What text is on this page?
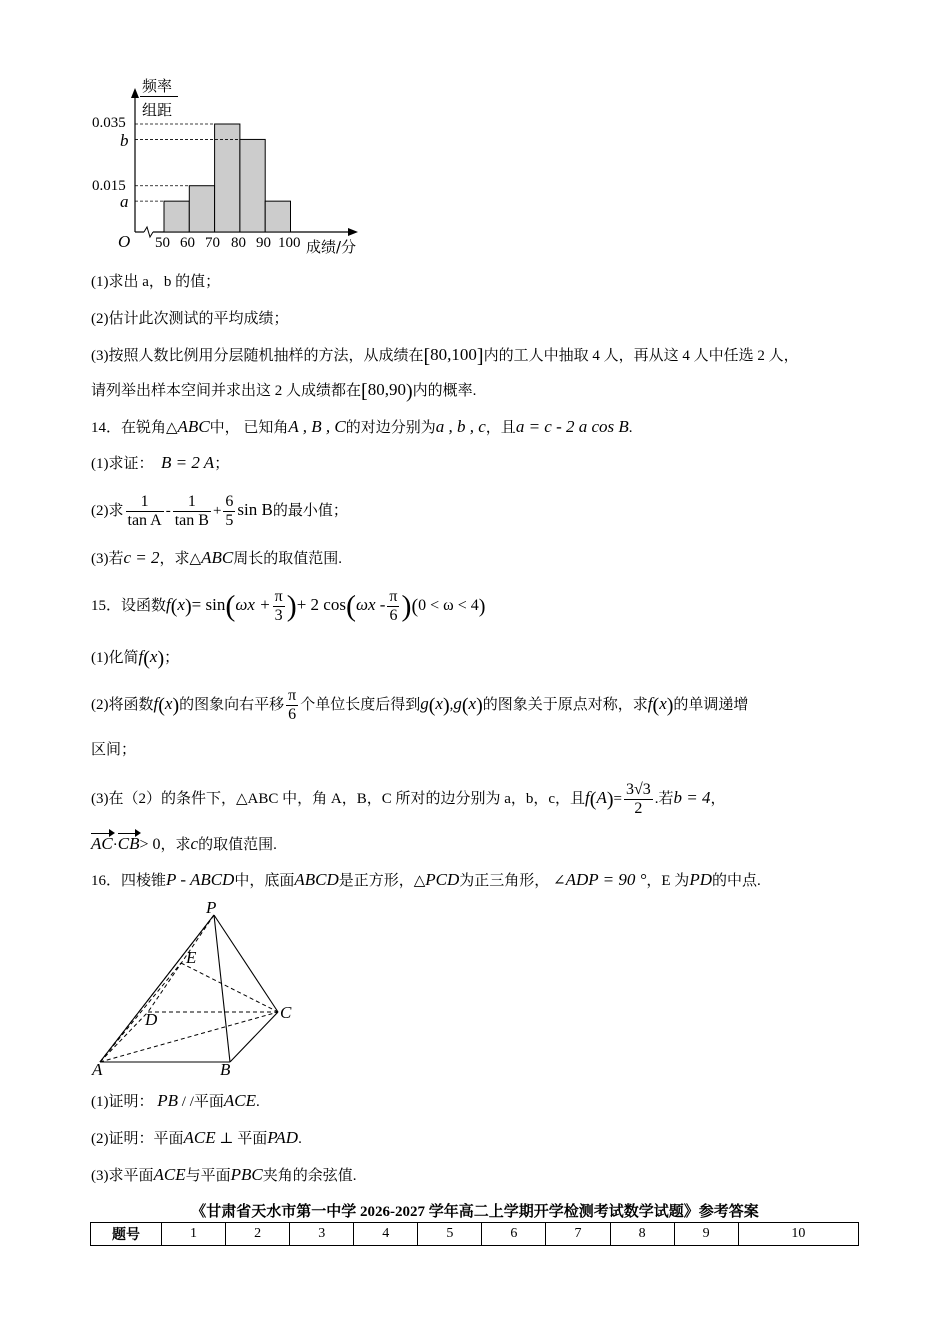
频率
组距
0.035
b
0.015
a
O 50 60 70 80 90 100 成绩/分
(1)求出 a，b 的值；
(2)估计此次测试的平均成绩；
(3)按照人数比例用分层随机抽样的方法，从成绩在[80,100]内的工人中抽取 4 人，再从这 4 人中任选 2 人，
请列举出样本空间并求出这 2 人成绩都在[80,90)内的概率.
14．在锐角△ABC中， 已知角A , B , C的对边分别为a , b , c，且a = c - 2 a cos B.
(1)求证： B = 2 A；
(2)求 $\frac{1}{\text{tan A}} - \frac{1}{\text{tan B}} + \frac{6}{5}$ sin B的最小值；
(3)若c = 2，求△ABC周长的取值范围.
15．设函数$f(x)= \sin(\omega x + \frac{\pi}{3}$ )+ 2 $\cos(\omega x - \frac{\pi}{6} )(0 < \omega < 4)$
(1)化简f(x)；
(2)将函数f(x)的图象向右平移 $\frac{\pi}{6}$ 个单位长度后得到g(x),g(x)的图象关于原点对称，求f(x)的单调递增
区间；
(3)在（2）的条件下，△ABC 中，角 A，B，C 所对的边分别为 a，b，c，且$f(A)= \frac{3√3}{2}$ .若b = 4，
AC·CB> 0，求c的取值范围.
16．四棱锥P - ABCD中，底面ABCD是正方形，△PCD为正三角形， ∠ADP = 90 °，E 为PD的中点.
P
E
D	C
A	B
(1)证明： PB / /平面ACE.
(2)证明：平面ACE ⊥ 平面PAD.
(3)求平面ACE与平面PBC夹角的余弦值.
《甘肃省天水市第一中学 2026-2027 学年高二上学期开学检测考试数学试题》参考答案
题号	1	2	3	4	5	6	7	8	9	10
